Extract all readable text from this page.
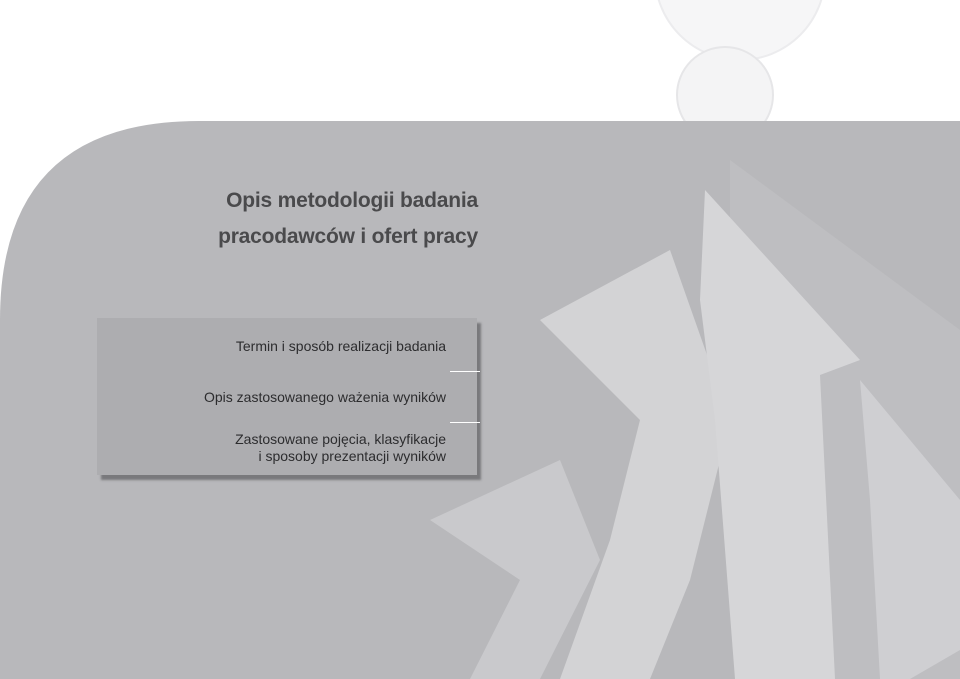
Opis metodologii badania
pracodawców i ofert pracy
Termin i sposób realizacji badania
Opis zastosowanego ważenia wyników
Zastosowane pojęcia, klasyfikacje
i sposoby prezentacji wyników
